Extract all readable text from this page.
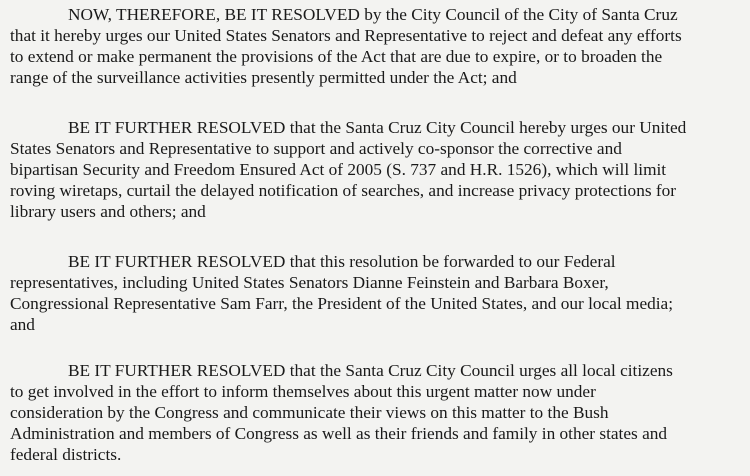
NOW, THEREFORE, BE IT RESOLVED by the City Council of the City of Santa Cruz
that it hereby urges our United States Senators and Representative to reject and defeat any efforts
to extend or make permanent the provisions of the Act that are due to expire, or to broaden the
range of the surveillance activities presently permitted under the Act; and
BE IT FURTHER RESOLVED that the Santa Cruz City Council hereby urges our United
States Senators and Representative to support and actively co-sponsor the corrective and
bipartisan Security and Freedom Ensured Act of 2005 (S. 737 and H.R. 1526), which will limit
roving wiretaps, curtail the delayed notification of searches, and increase privacy protections for
library users and others; and
BE IT FURTHER RESOLVED that this resolution be forwarded to our Federal
representatives, including United States Senators Dianne Feinstein and Barbara Boxer,
Congressional Representative Sam Farr, the President of the United States, and our local media;
and
BE IT FURTHER RESOLVED that the Santa Cruz City Council urges all local citizens
to get involved in the effort to inform themselves about this urgent matter now under
consideration by the Congress and communicate their views on this matter to the Bush
Administration and members of Congress as well as their friends and family in other states and
federal districts.
